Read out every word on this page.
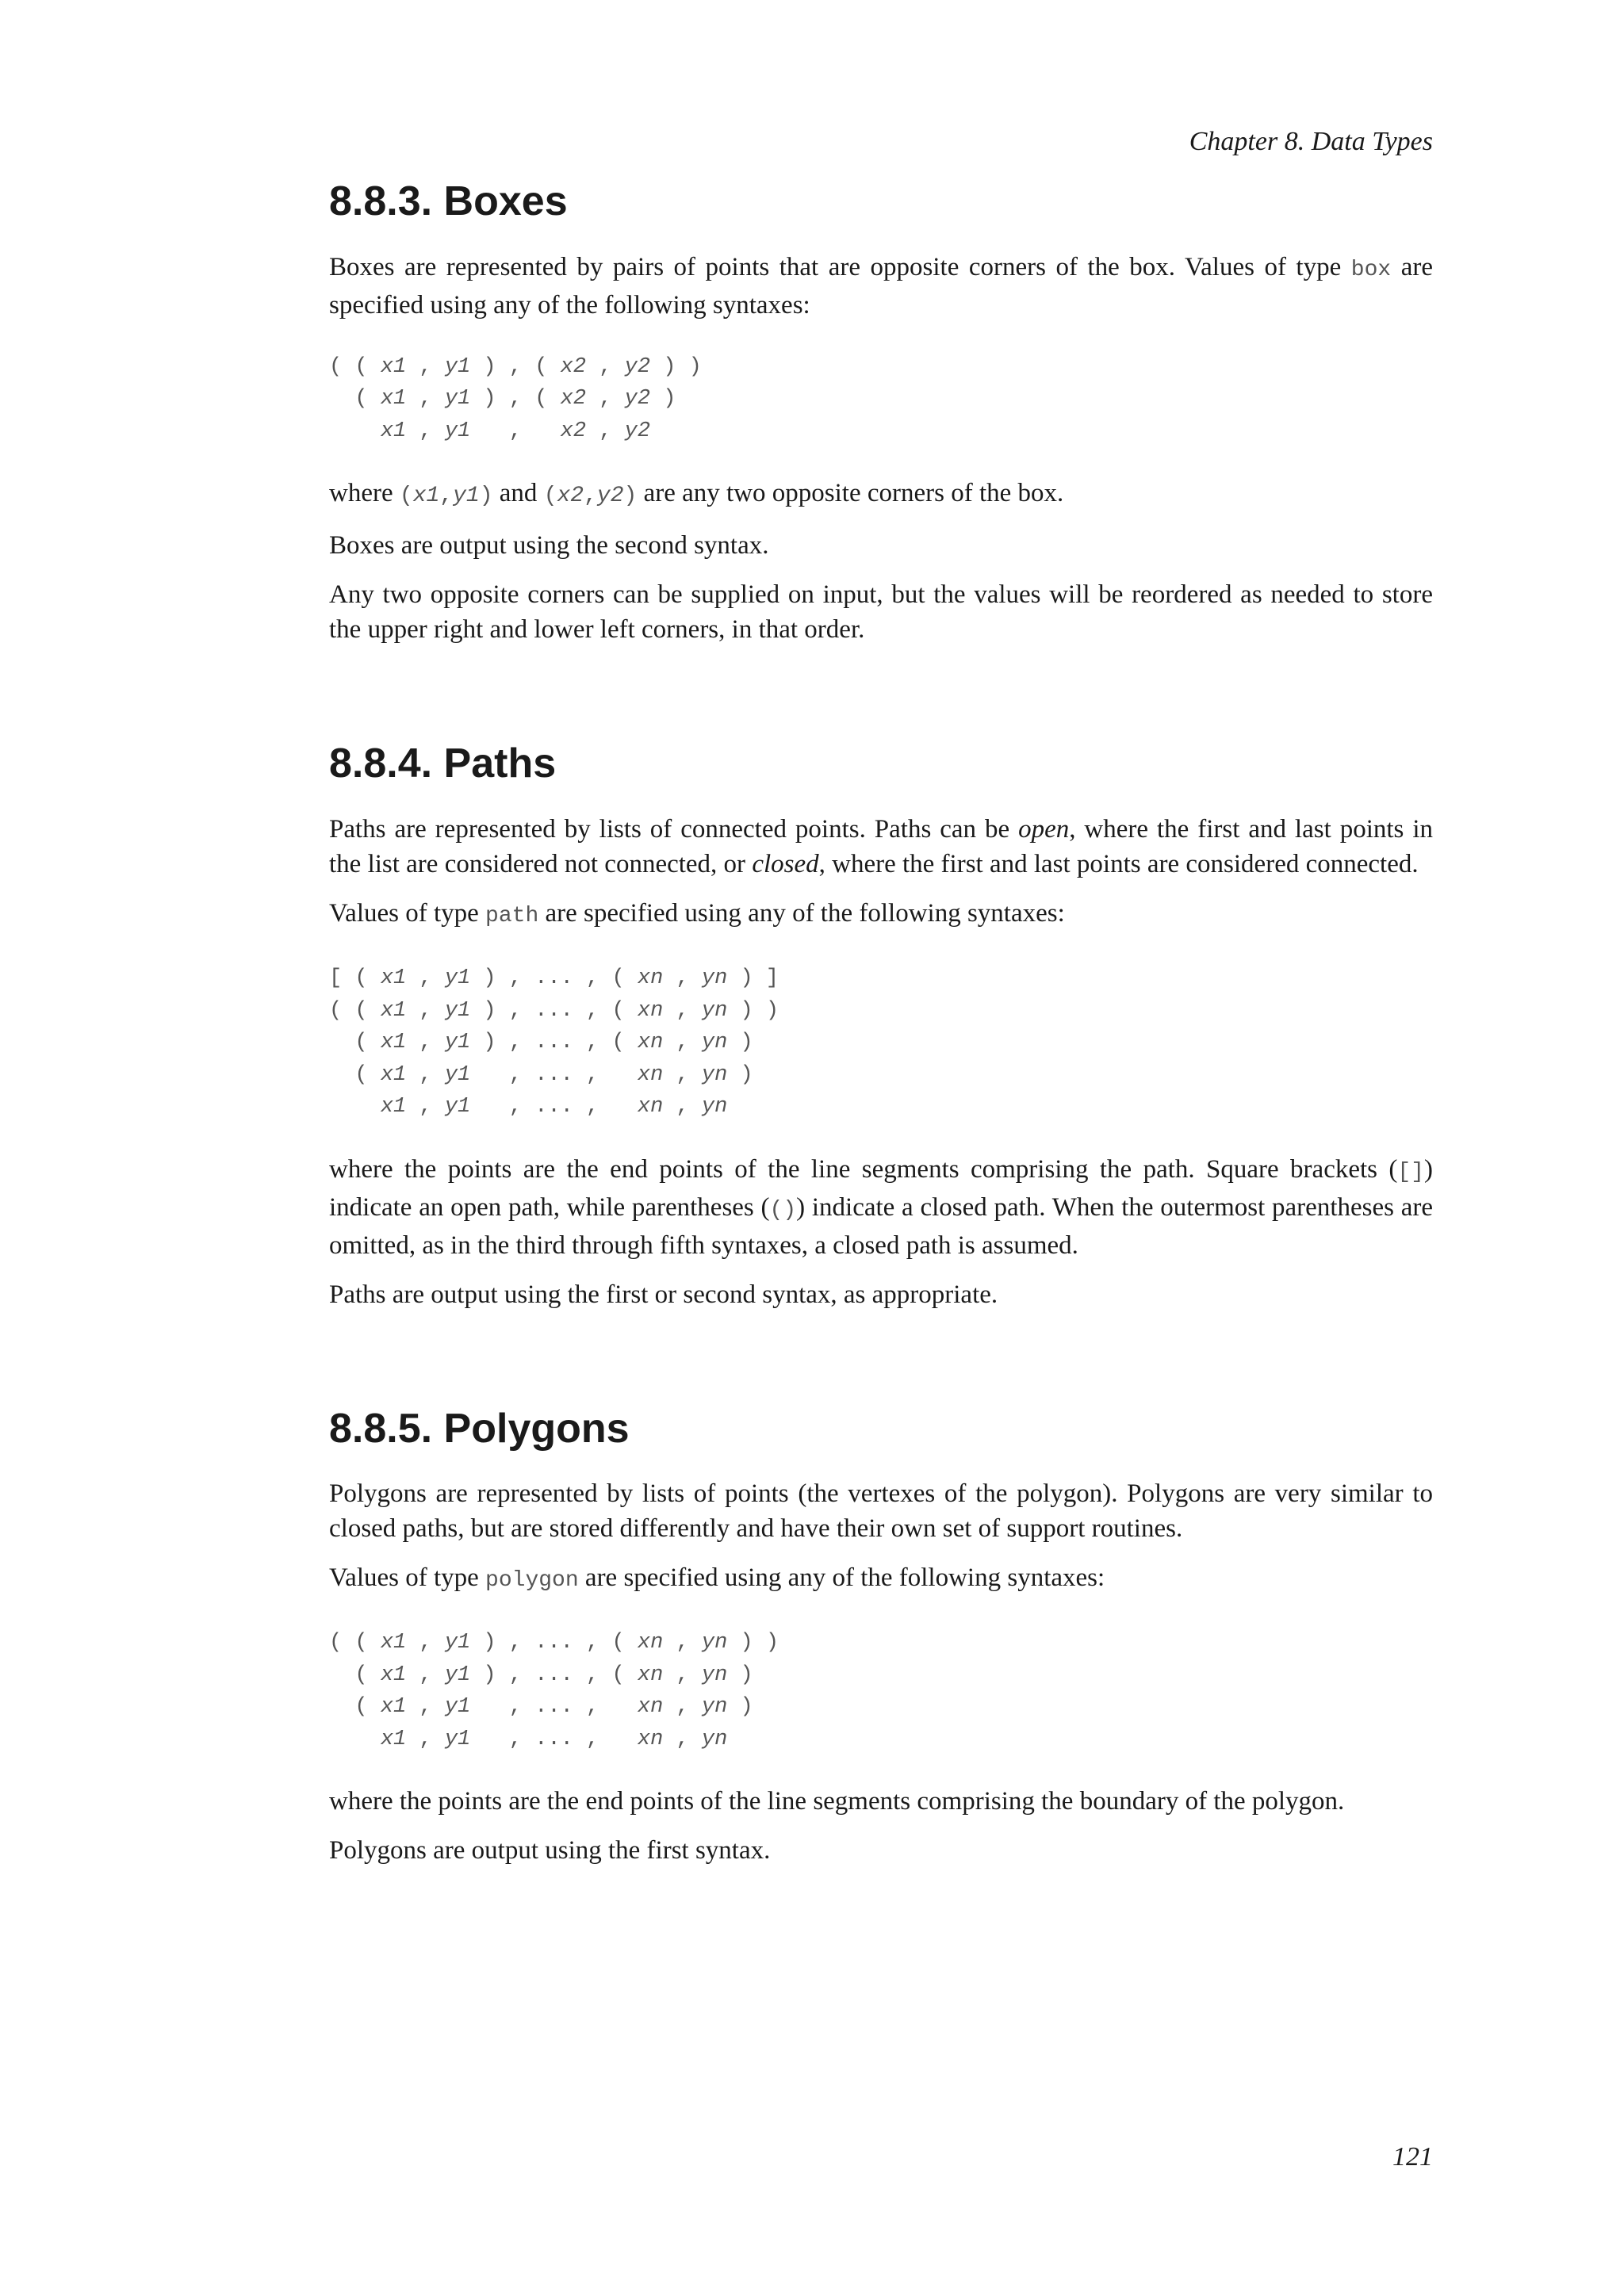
Chapter 8. Data Types
8.8.3. Boxes

Boxes are represented by pairs of points that are opposite corners of the box. Values of type box are specified using any of the following syntaxes:

( ( x1 , y1 ) , ( x2 , y2 ) )
( x1 , y1 ) , ( x2 , y2 )
x1 , y1   ,   x2 , y2

where (x1,y1) and (x2,y2) are any two opposite corners of the box.

Boxes are output using the second syntax.

Any two opposite corners can be supplied on input, but the values will be reordered as needed to store the upper right and lower left corners, in that order.

8.8.4. Paths

Paths are represented by lists of connected points. Paths can be open, where the first and last points in the list are considered not connected, or closed, where the first and last points are considered connected.

Values of type path are specified using any of the following syntaxes:

[ ( x1 , y1 ) , ... , ( xn , yn ) ]
( ( x1 , y1 ) , ... , ( xn , yn ) )
( x1 , y1 ) , ... , ( xn , yn )
( x1 , y1   , ... ,   xn , yn )
x1 , y1   , ... ,   xn , yn

where the points are the end points of the line segments comprising the path. Square brackets ([]) indicate an open path, while parentheses (()) indicate a closed path. When the outermost parentheses are omitted, as in the third through fifth syntaxes, a closed path is assumed.

Paths are output using the first or second syntax, as appropriate.

8.8.5. Polygons

Polygons are represented by lists of points (the vertexes of the polygon). Polygons are very similar to closed paths, but are stored differently and have their own set of support routines.

Values of type polygon are specified using any of the following syntaxes:

( ( x1 , y1 ) , ... , ( xn , yn ) )
( x1 , y1 ) , ... , ( xn , yn )
( x1 , y1   , ... ,   xn , yn )
x1 , y1   , ... ,   xn , yn

where the points are the end points of the line segments comprising the boundary of the polygon.

Polygons are output using the first syntax.

121
